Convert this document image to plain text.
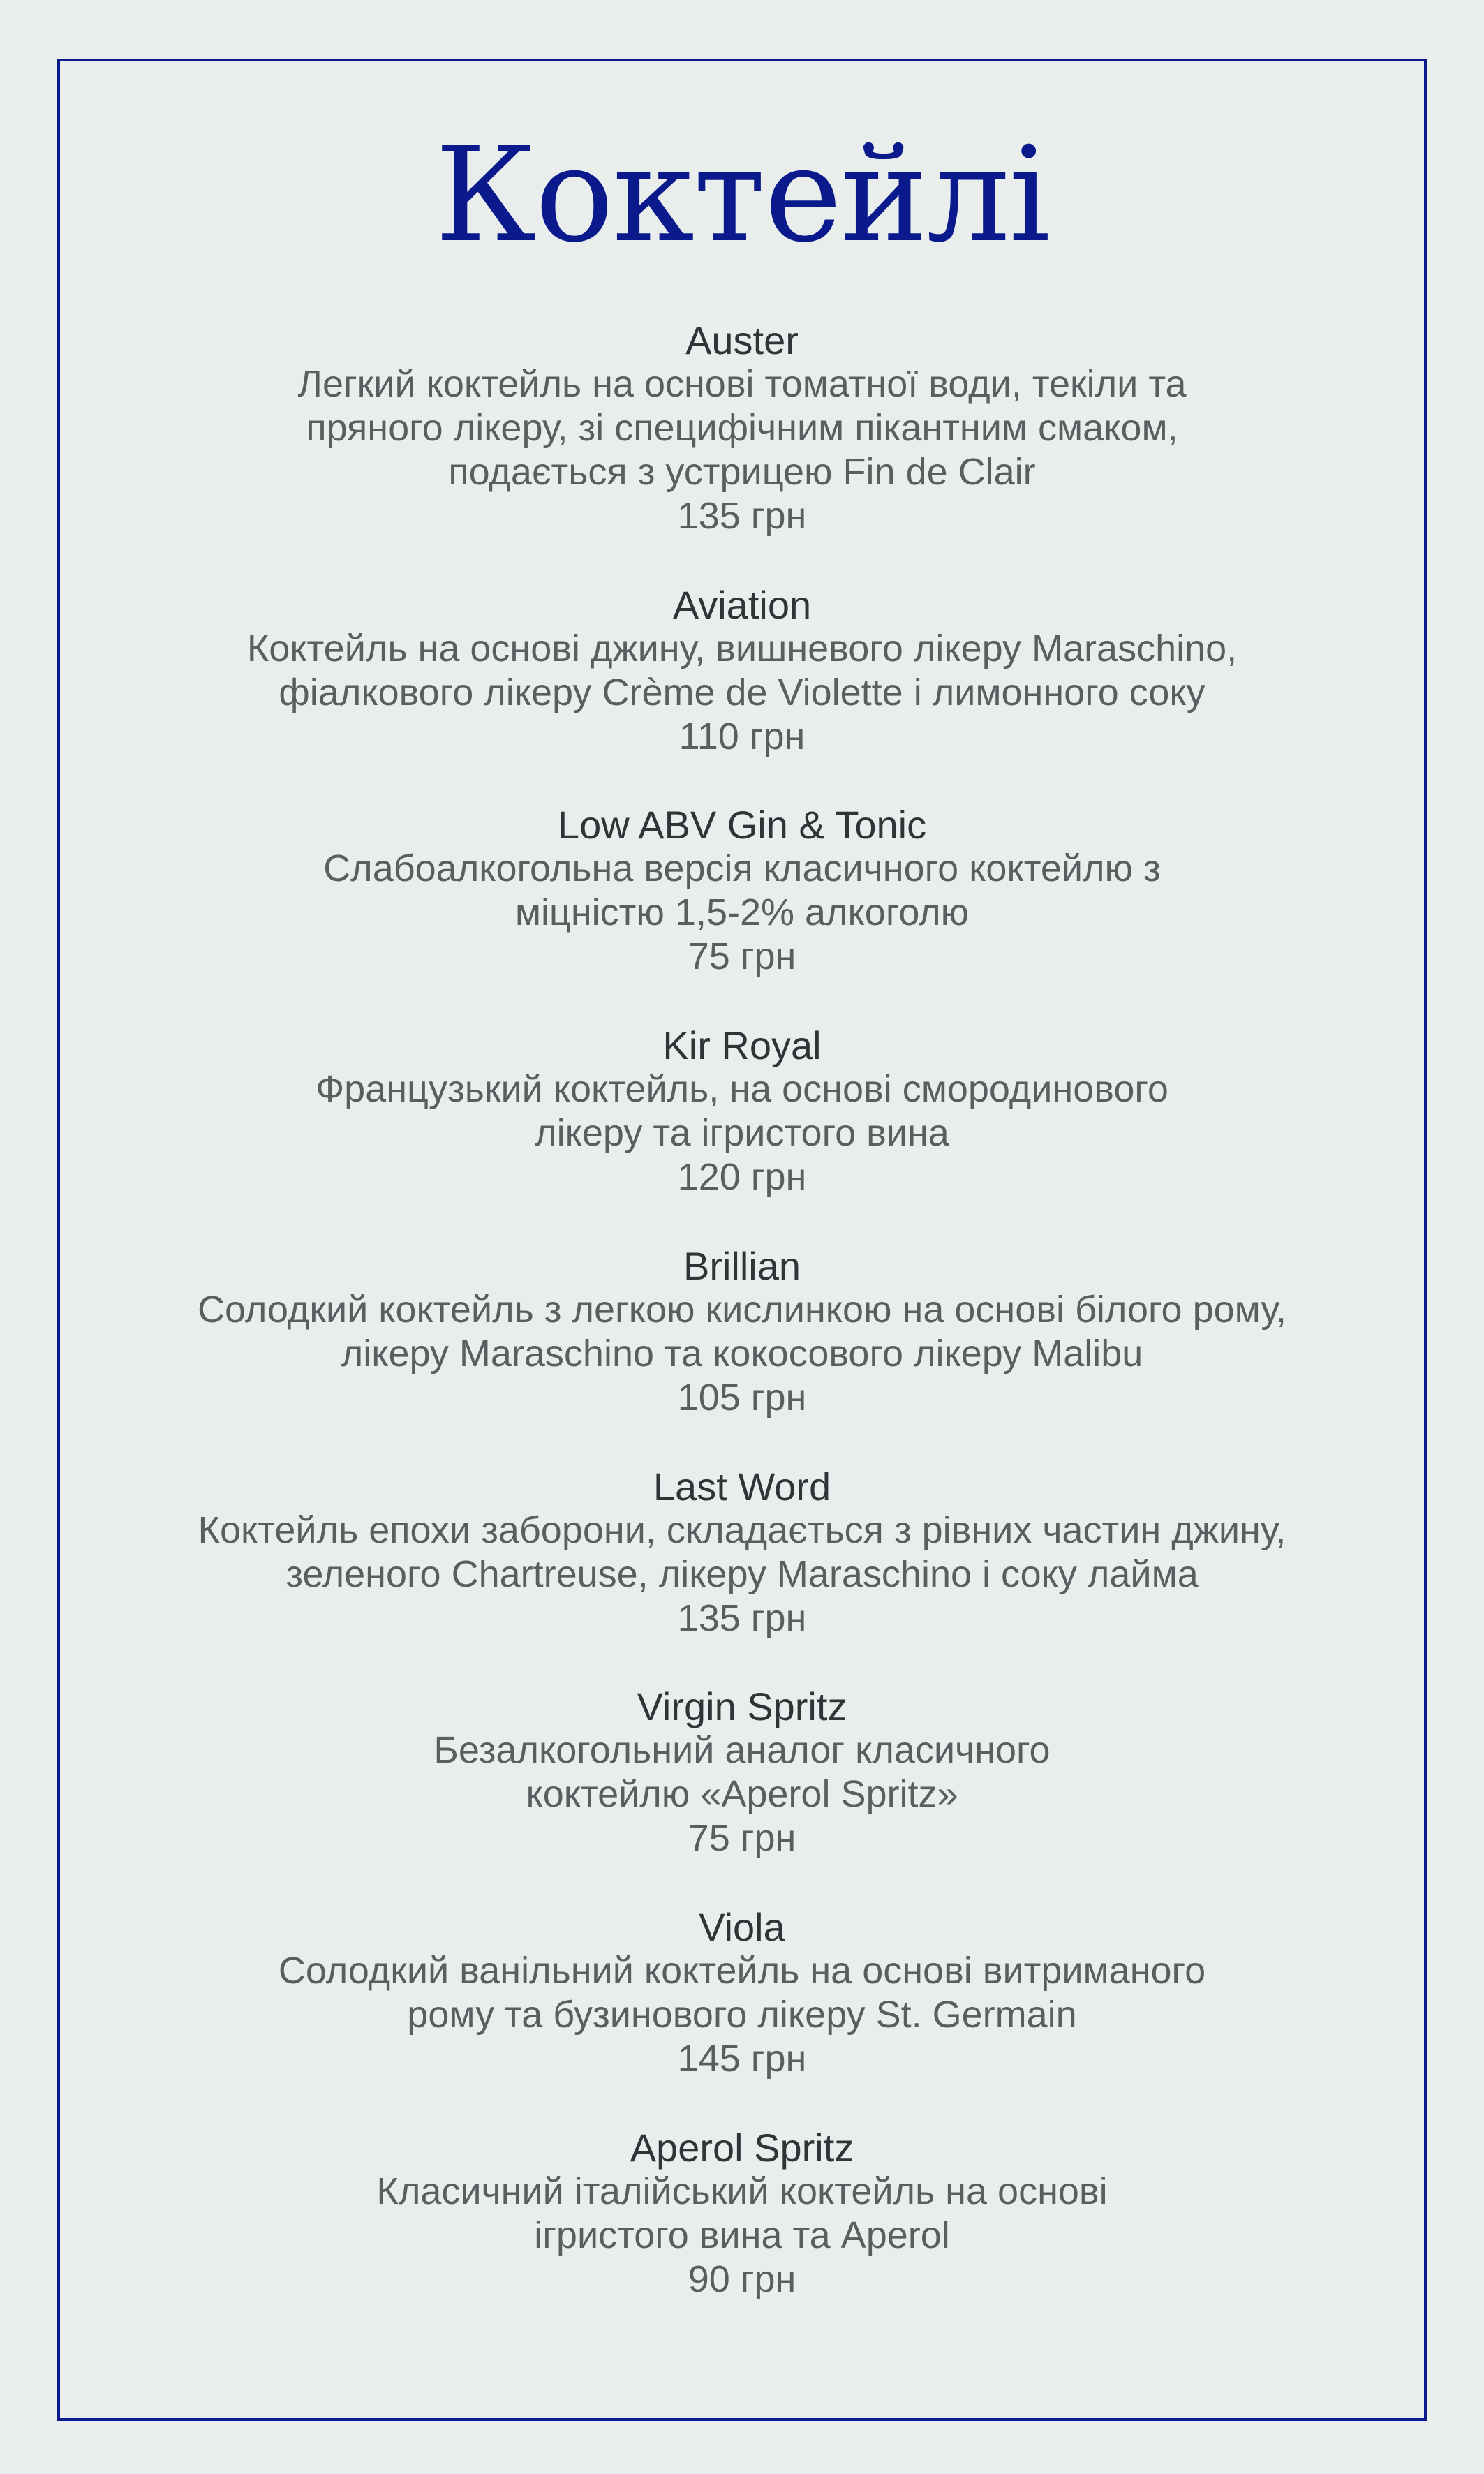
Коктейлі
Auster
Легкий коктейль на основі томатної води, текіли та
пряного лікеру, зі специфічним пікантним смаком,
подається з устрицею Fin de Clair
135 грн
Aviation
Коктейль на основі джину, вишневого лікеру Maraschino,
фіалкового лікеру Crème de Violette і лимонного соку
110 грн
Low ABV Gin & Tonic
Слабоалкогольна версія класичного коктейлю з
міцністю 1,5-2% алкоголю
75 грн
Kir Royal
Французький коктейль, на основі смородинового
лікеру та ігристого вина
120 грн
Brillian
Солодкий коктейль з легкою кислинкою на основі білого рому,
лікеру Maraschino та кокосового лікеру Malibu
105 грн
Last Word
Коктейль епохи заборони, складається з рівних частин джину,
зеленого Chartreuse, лікеру Maraschino і соку лайма
135 грн
Virgin Spritz
Безалкогольний аналог класичного
коктейлю «Aperol Spritz»
75 грн
Viola
Солодкий ванільний коктейль на основі витриманого
рому та бузинового лікеру St. Germain
145 грн
Aperol Spritz
Класичний італійський коктейль на основі
ігристого вина та Aperol
90 грн
